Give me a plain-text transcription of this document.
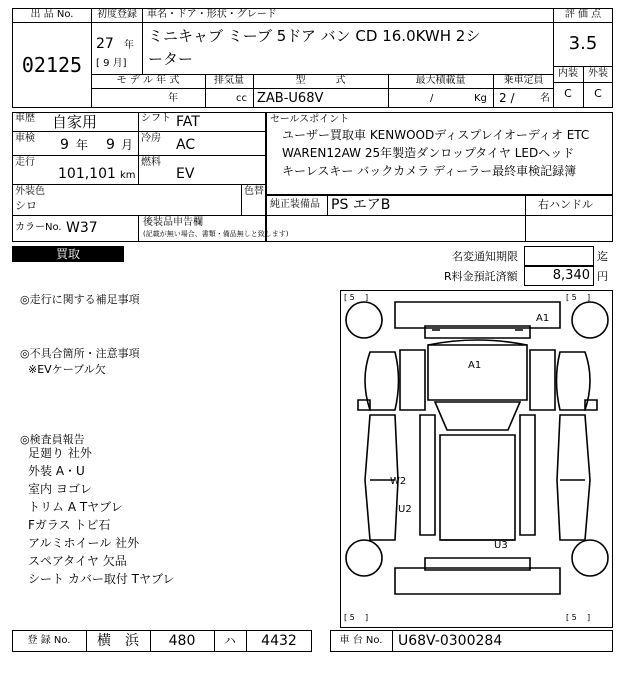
出 品 No.
02125
初度登録
27 年
[ 9 月]
車名・ドア・形状・グレード
ミニキャブ ミーブ 5ドア バン CD 16.0KWH 2シ
ーター
評 価 点
3.5
内装	外装
C	C
モ デ ル 年 式
年
排気量
cc
型　　　式
ZAB-U68V
最大積載量
/	Kg
乗車定員
2 /	名
車歴 自家用	シフト FAT
車検 9 年 9 月 冷房 AC
走行
101,101 km
燃料
EV
外装色
シロ
色替
カラーNo. W37	後装品申告欄
(記載が無い場合、書類・備品無しと致します)
セールスポイント
ユーザー買取車 KENWOODディスプレイオーディオ ETC
WAREN12AW 25年製造ダンロップタイヤ LEDヘッド
キーレスキー バックカメラ ディーラー最終車検記録簿
純正装備品 PS エアB	右ハンドル
買取	名変通知期限	迄
R料金預託済額	8,340 円
◎走行に関する補足事項
◎不具合箇所・注意事項
※EVケーブル欠
◎検査員報告
足廻り 社外
外装 A・U
室内 ヨゴレ
トリム A Tヤブレ
Fガラス トビ石
アルミホイール 社外
スペアタイヤ 欠品
シート カバー取付 Tヤブレ
[ 5    ]	[ 5    ]
[ 5    ]	[ 5    ]
A1
A1
W2
U2
U3
登 録 No.	横　浜	480	ハ	4432	車 台 No.	U68V-0300284
